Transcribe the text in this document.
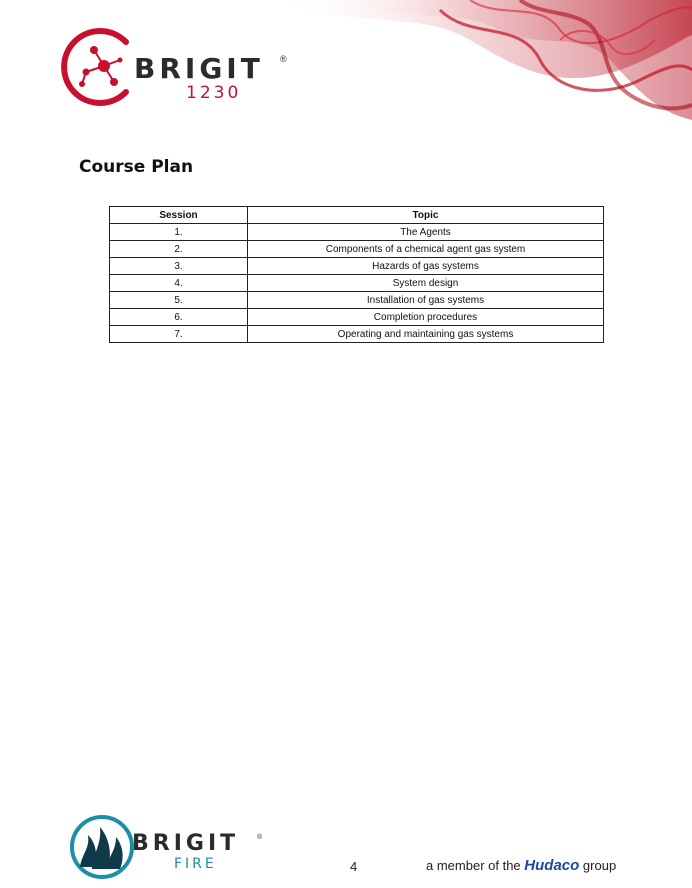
BRIGIT ®
1230
Course Plan
Session	Topic
1.	The Agents
2.	Components of a chemical agent gas system
3.	Hazards of gas systems
4.	System design
5.	Installation of gas systems
6.	Completion procedures
7.	Operating and maintaining gas systems
BRIGIT	®
FIRE	4	a member of the Hudaco group
